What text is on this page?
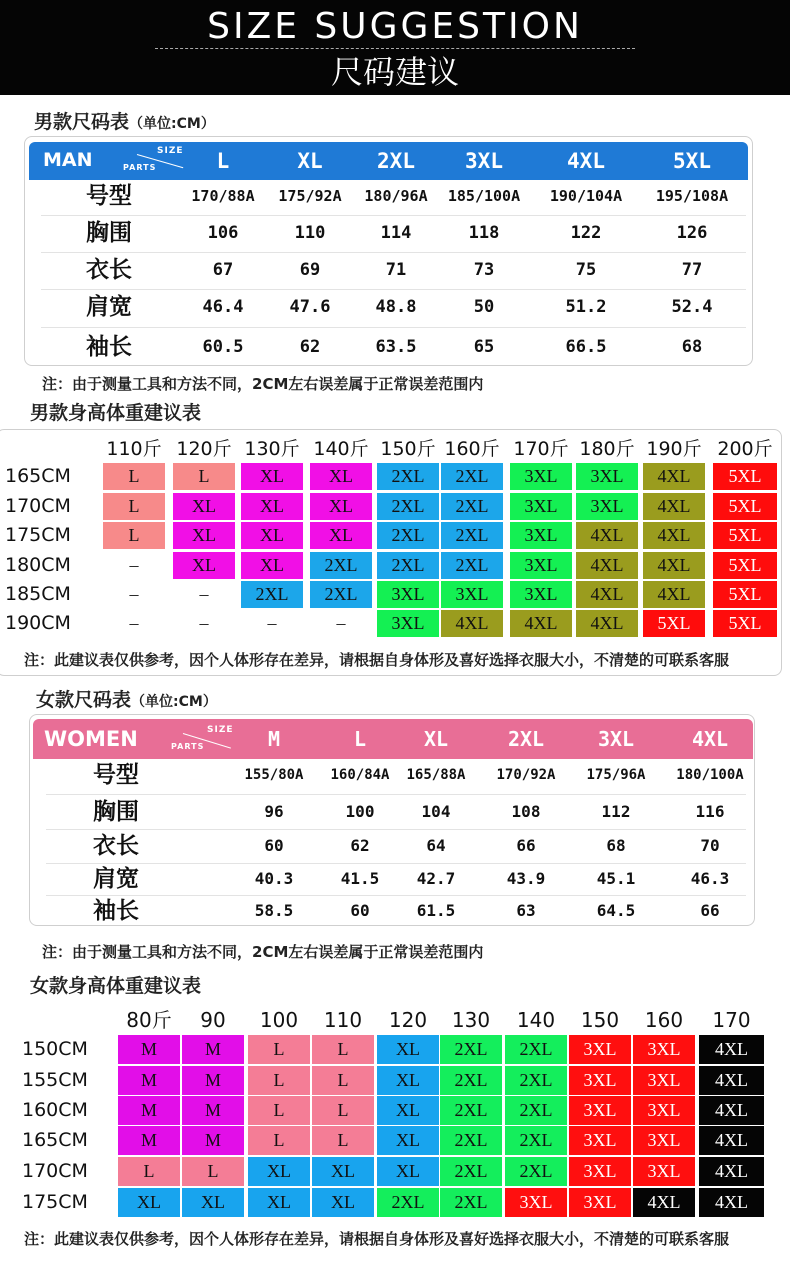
SIZE SUGGESTION
尺码建议
男款尺码表（单位:CM）
MAN	SIZE
PARTS	L	XL	2XL	3XL	4XL	5XL
号型	170/88A	175/92A	180/96A	185/100A	190/104A	195/108A
胸围	106	110	114	118	122	126
衣长	67	69	71	73	75	77
肩宽	46.4	47.6	48.8	50	51.2	52.4
袖长	60.5	62	63.5	65	66.5	68
注：由于测量工具和方法不同，2CM左右误差属于正常误差范围内
男款身高体重建议表
110斤 120斤 130斤 140斤 150斤 160斤 170斤 180斤 190斤 200斤
165CM	L	L	XL	XL	2XL	2XL	3XL	3XL	4XL	5XL
170CM	L	XL	XL	XL	2XL	2XL	3XL	3XL	4XL	5XL
175CM	L	XL	XL	XL	2XL	2XL	3XL	4XL	4XL	5XL
180CM	–	XL	XL	2XL	2XL	2XL	3XL	4XL	4XL	5XL
185CM	–	–	2XL	2XL	3XL	3XL	3XL	4XL	4XL	5XL
190CM	–	–	–	–	3XL	4XL	4XL	4XL	5XL	5XL
注：此建议表仅供参考，因个人体形存在差异，请根据自身体形及喜好选择衣服大小，不清楚的可联系客服
女款尺码表（单位:CM）
WOMEN	SIZE
PARTS	M	L	XL	2XL	3XL	4XL
号型	155/80A	160/84A	165/88A	170/92A	175/96A	180/100A
胸围	96	100	104	108	112	116
衣长	60	62	64	66	68	70
肩宽	40.3	41.5	42.7	43.9	45.1	46.3
袖长	58.5	60	61.5	63	64.5	66
注：由于测量工具和方法不同，2CM左右误差属于正常误差范围内
女款身高体重建议表
80斤	90	100	110	120	130	140	150	160	170
150CM	M	M	L	L	XL	2XL	2XL	3XL	3XL	4XL
155CM	M	M	L	L	XL	2XL	2XL	3XL	3XL	4XL
160CM	M	M	L	L	XL	2XL	2XL	3XL	3XL	4XL
165CM	M	M	L	L	XL	2XL	2XL	3XL	3XL	4XL
170CM	L	L	XL	XL	XL	2XL	2XL	3XL	3XL	4XL
175CM	XL	XL	XL	XL	2XL	2XL	3XL	3XL	4XL	4XL
注：此建议表仅供参考，因个人体形存在差异，请根据自身体形及喜好选择衣服大小，不清楚的可联系客服
